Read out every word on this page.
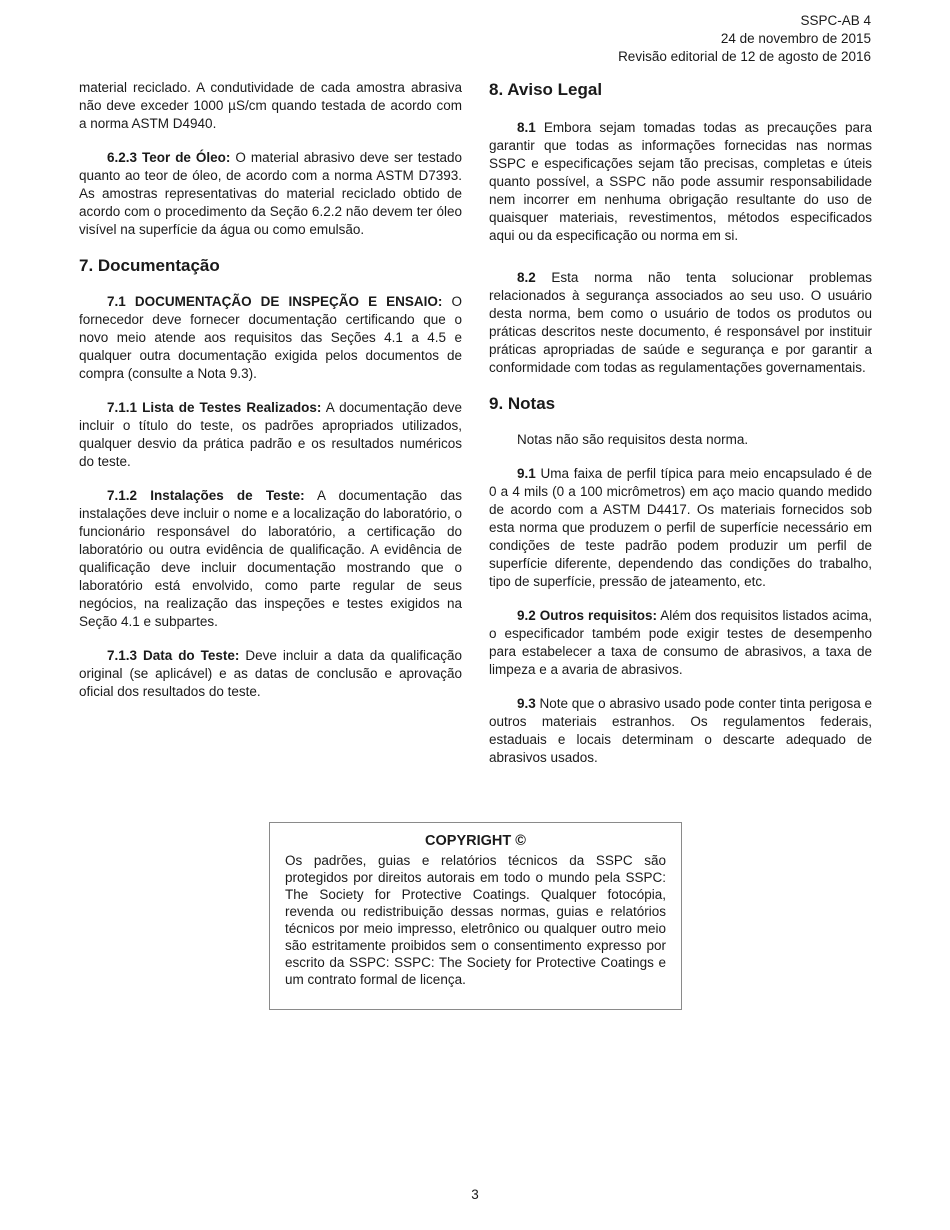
SSPC-AB 4
24 de novembro de 2015
Revisão editorial de 12 de agosto de 2016

material reciclado. A condutividade de cada amostra abrasiva não deve exceder 1000 µS/cm quando testada de acordo com a norma ASTM D4940.

6.2.3 Teor de Óleo: O material abrasivo deve ser testado quanto ao teor de óleo, de acordo com a norma ASTM D7393. As amostras representativas do material reciclado obtido de acordo com o procedimento da Seção 6.2.2 não devem ter óleo visível na superfície da água ou como emulsão.

7. Documentação

7.1 DOCUMENTAÇÃO DE INSPEÇÃO E ENSAIO: O fornecedor deve fornecer documentação certificando que o novo meio atende aos requisitos das Seções 4.1 a 4.5 e qualquer outra documentação exigida pelos documentos de compra (consulte a Nota 9.3).

7.1.1 Lista de Testes Realizados: A documentação deve incluir o título do teste, os padrões apropriados utilizados, qualquer desvio da prática padrão e os resultados numéricos do teste.

7.1.2 Instalações de Teste: A documentação das instalações deve incluir o nome e a localização do laboratório, o funcionário responsável do laboratório, a certificação do laboratório ou outra evidência de qualificação. A evidência de qualificação deve incluir documentação mostrando que o laboratório está envolvido, como parte regular de seus negócios, na realização das inspeções e testes exigidos na Seção 4.1 e subpartes.

7.1.3 Data do Teste: Deve incluir a data da qualificação original (se aplicável) e as datas de conclusão e aprovação oficial dos resultados do teste.

8. Aviso Legal

8.1 Embora sejam tomadas todas as precauções para garantir que todas as informações fornecidas nas normas SSPC e especificações sejam tão precisas, completas e úteis quanto possível, a SSPC não pode assumir responsabilidade nem incorrer em nenhuma obrigação resultante do uso de quaisquer materiais, revestimentos, métodos especificados aqui ou da especificação ou norma em si.

8.2 Esta norma não tenta solucionar problemas relacionados à segurança associados ao seu uso. O usuário desta norma, bem como o usuário de todos os produtos ou práticas descritos neste documento, é responsável por instituir práticas apropriadas de saúde e segurança e por garantir a conformidade com todas as regulamentações governamentais.

9. Notas

Notas não são requisitos desta norma.

9.1 Uma faixa de perfil típica para meio encapsulado é de 0 a 4 mils (0 a 100 micrômetros) em aço macio quando medido de acordo com a ASTM D4417. Os materiais fornecidos sob esta norma que produzem o perfil de superfície necessário em condições de teste padrão podem produzir um perfil de superfície diferente, dependendo das condições do trabalho, tipo de superfície, pressão de jateamento, etc.

9.2 Outros requisitos: Além dos requisitos listados acima, o especificador também pode exigir testes de desempenho para estabelecer a taxa de consumo de abrasivos, a taxa de limpeza e a avaria de abrasivos.

9.3 Note que o abrasivo usado pode conter tinta perigosa e outros materiais estranhos. Os regulamentos federais, estaduais e locais determinam o descarte adequado de abrasivos usados.

COPYRIGHT ©
Os padrões, guias e relatórios técnicos da SSPC são protegidos por direitos autorais em todo o mundo pela SSPC: The Society for Protective Coatings. Qualquer fotocópia, revenda ou redistribuição dessas normas, guias e relatórios técnicos por meio impresso, eletrônico ou qualquer outro meio são estritamente proibidos sem o consentimento expresso por escrito da SSPC: SSPC: The Society for Protective Coatings e um contrato formal de licença.
3
